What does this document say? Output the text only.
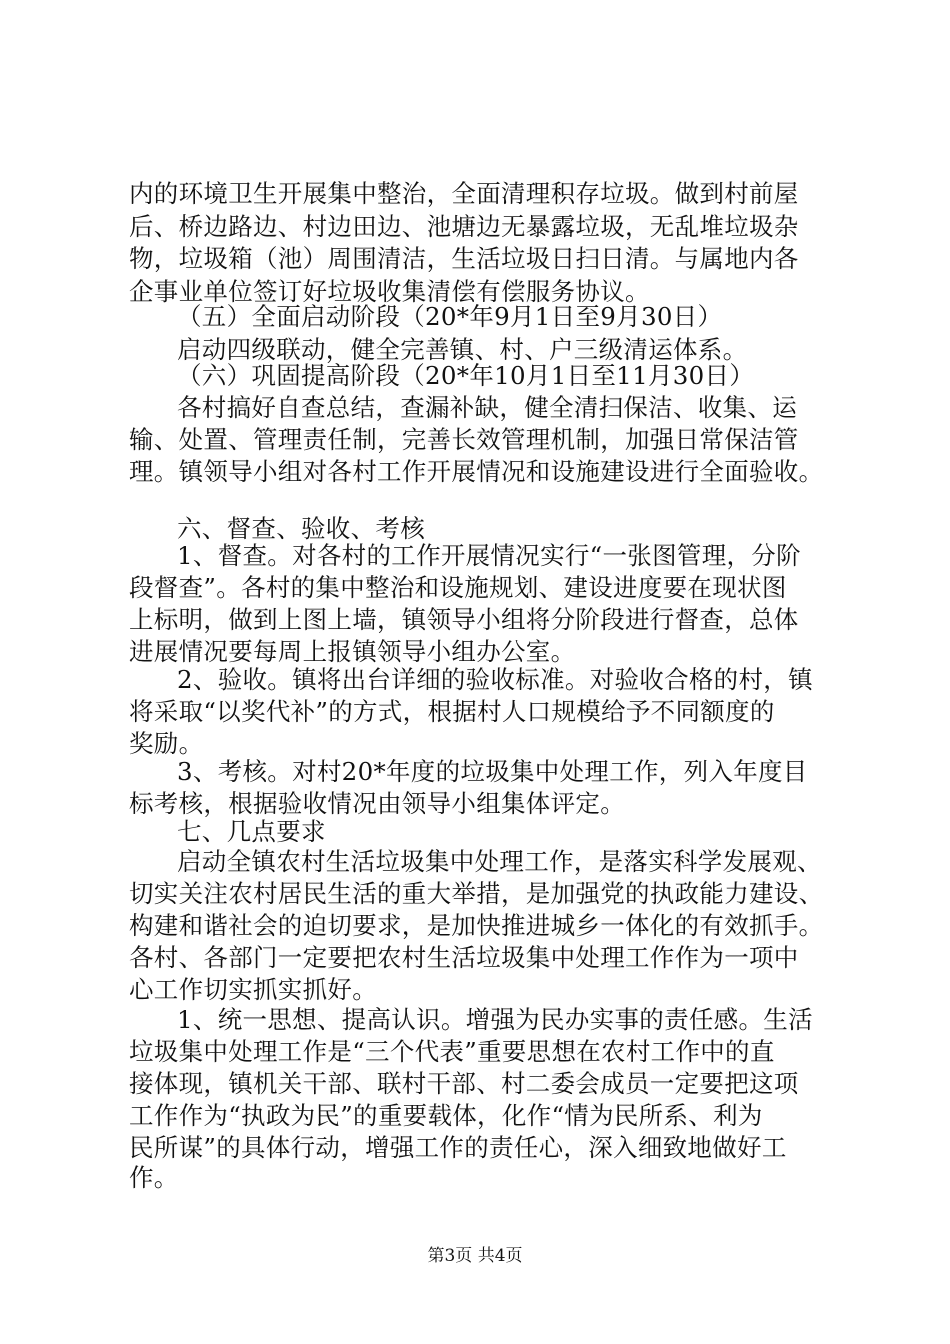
内的环境卫生开展集中整治，全面清理积存垃圾。做到村前屋
后、桥边路边、村边田边、池塘边无暴露垃圾，无乱堆垃圾杂
物，垃圾箱（池）周围清洁，生活垃圾日扫日清。与属地内各
企事业单位签订好垃圾收集清偿有偿服务协议。
（五）全面启动阶段（20*年9月1日至9月30日）
启动四级联动，健全完善镇、村、户三级清运体系。
（六）巩固提高阶段（20*年10月1日至11月30日）
各村搞好自查总结，查漏补缺，健全清扫保洁、收集、运
输、处置、管理责任制，完善长效管理机制，加强日常保洁管
理。镇领导小组对各村工作开展情况和设施建设进行全面验收。
六、督查、验收、考核
1、督查。对各村的工作开展情况实行“一张图管理，分阶
段督查”。各村的集中整治和设施规划、建设进度要在现状图
上标明，做到上图上墙，镇领导小组将分阶段进行督查，总体
进展情况要每周上报镇领导小组办公室。
2、验收。镇将出台详细的验收标准。对验收合格的村，镇
将采取“以奖代补”的方式，根据村人口规模给予不同额度的
奖励。
3、考核。对村20*年度的垃圾集中处理工作，列入年度目
标考核，根据验收情况由领导小组集体评定。
七、几点要求
启动全镇农村生活垃圾集中处理工作，是落实科学发展观、
切实关注农村居民生活的重大举措，是加强党的执政能力建设、
构建和谐社会的迫切要求，是加快推进城乡一体化的有效抓手。
各村、各部门一定要把农村生活垃圾集中处理工作作为一项中
心工作切实抓实抓好。
1、统一思想、提高认识。增强为民办实事的责任感。生活
垃圾集中处理工作是“三个代表”重要思想在农村工作中的直
接体现，镇机关干部、联村干部、村二委会成员一定要把这项
工作作为“执政为民”的重要载体，化作“情为民所系、利为
民所谋”的具体行动，增强工作的责任心，深入细致地做好工
作。
第3页 共4页
